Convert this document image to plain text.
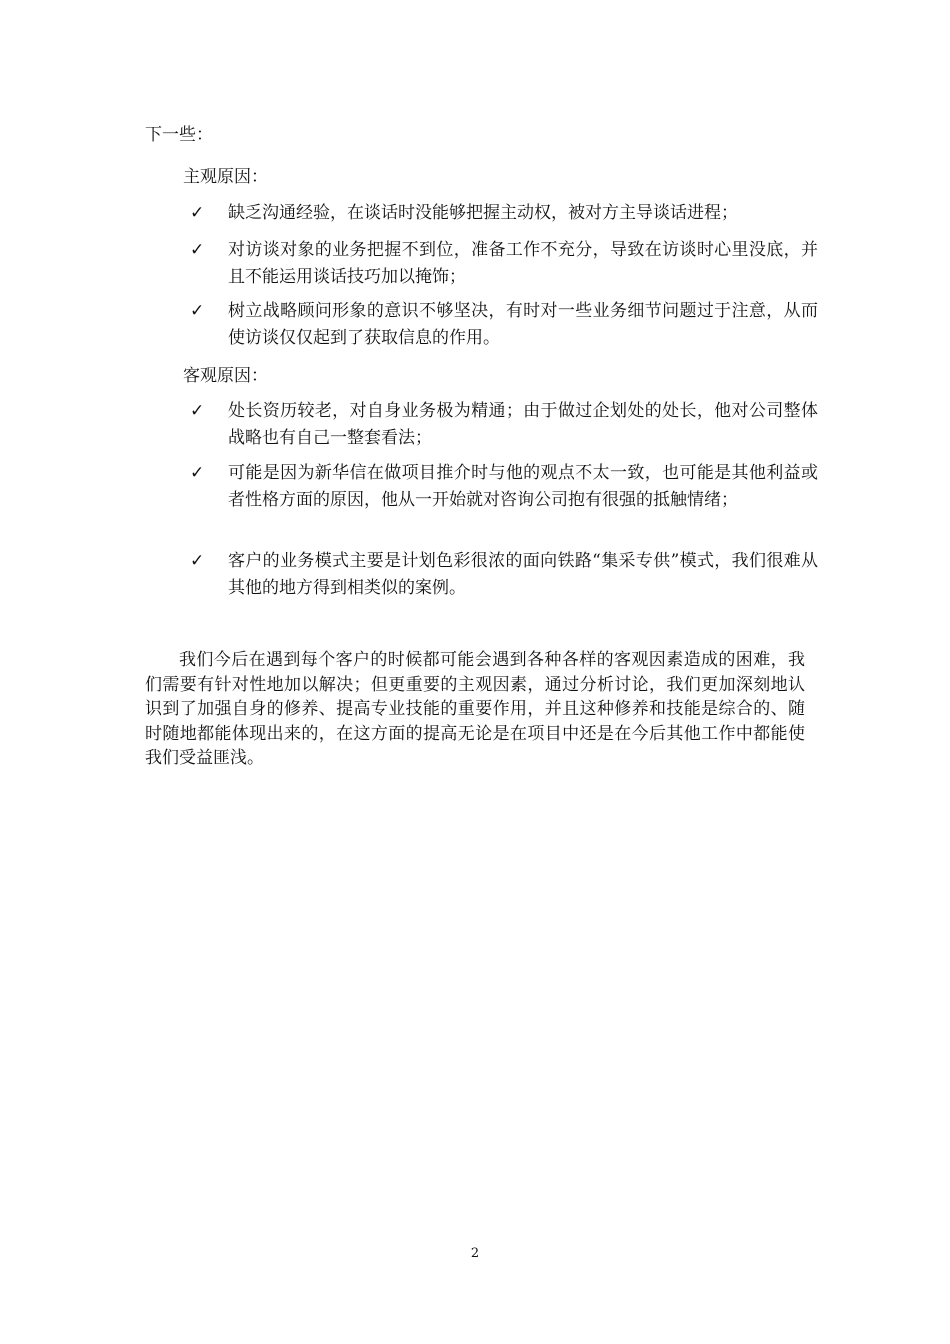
下一些：
主观原因：
✓	缺乏沟通经验，在谈话时没能够把握主动权，被对方主导谈话进程；
✓	对访谈对象的业务把握不到位，准备工作不充分，导致在访谈时心里没底，并且不能运用谈话技巧加以掩饰；
✓	树立战略顾问形象的意识不够坚决，有时对一些业务细节问题过于注意，从而使访谈仅仅起到了获取信息的作用。
客观原因：
✓	处长资历较老，对自身业务极为精通；由于做过企划处的处长，他对公司整体战略也有自己一整套看法；
✓	可能是因为新华信在做项目推介时与他的观点不太一致，也可能是其他利益或者性格方面的原因，他从一开始就对咨询公司抱有很强的抵触情绪；
✓	客户的业务模式主要是计划色彩很浓的面向铁路“集采专供”模式，我们很难从其他的地方得到相类似的案例。
我们今后在遇到每个客户的时候都可能会遇到各种各样的客观因素造成的困难，我们需要有针对性地加以解决；但更重要的主观因素，通过分析讨论，我们更加深刻地认识到了加强自身的修养、提高专业技能的重要作用，并且这种修养和技能是综合的、随时随地都能体现出来的，在这方面的提高无论是在项目中还是在今后其他工作中都能使我们受益匪浅。
2
